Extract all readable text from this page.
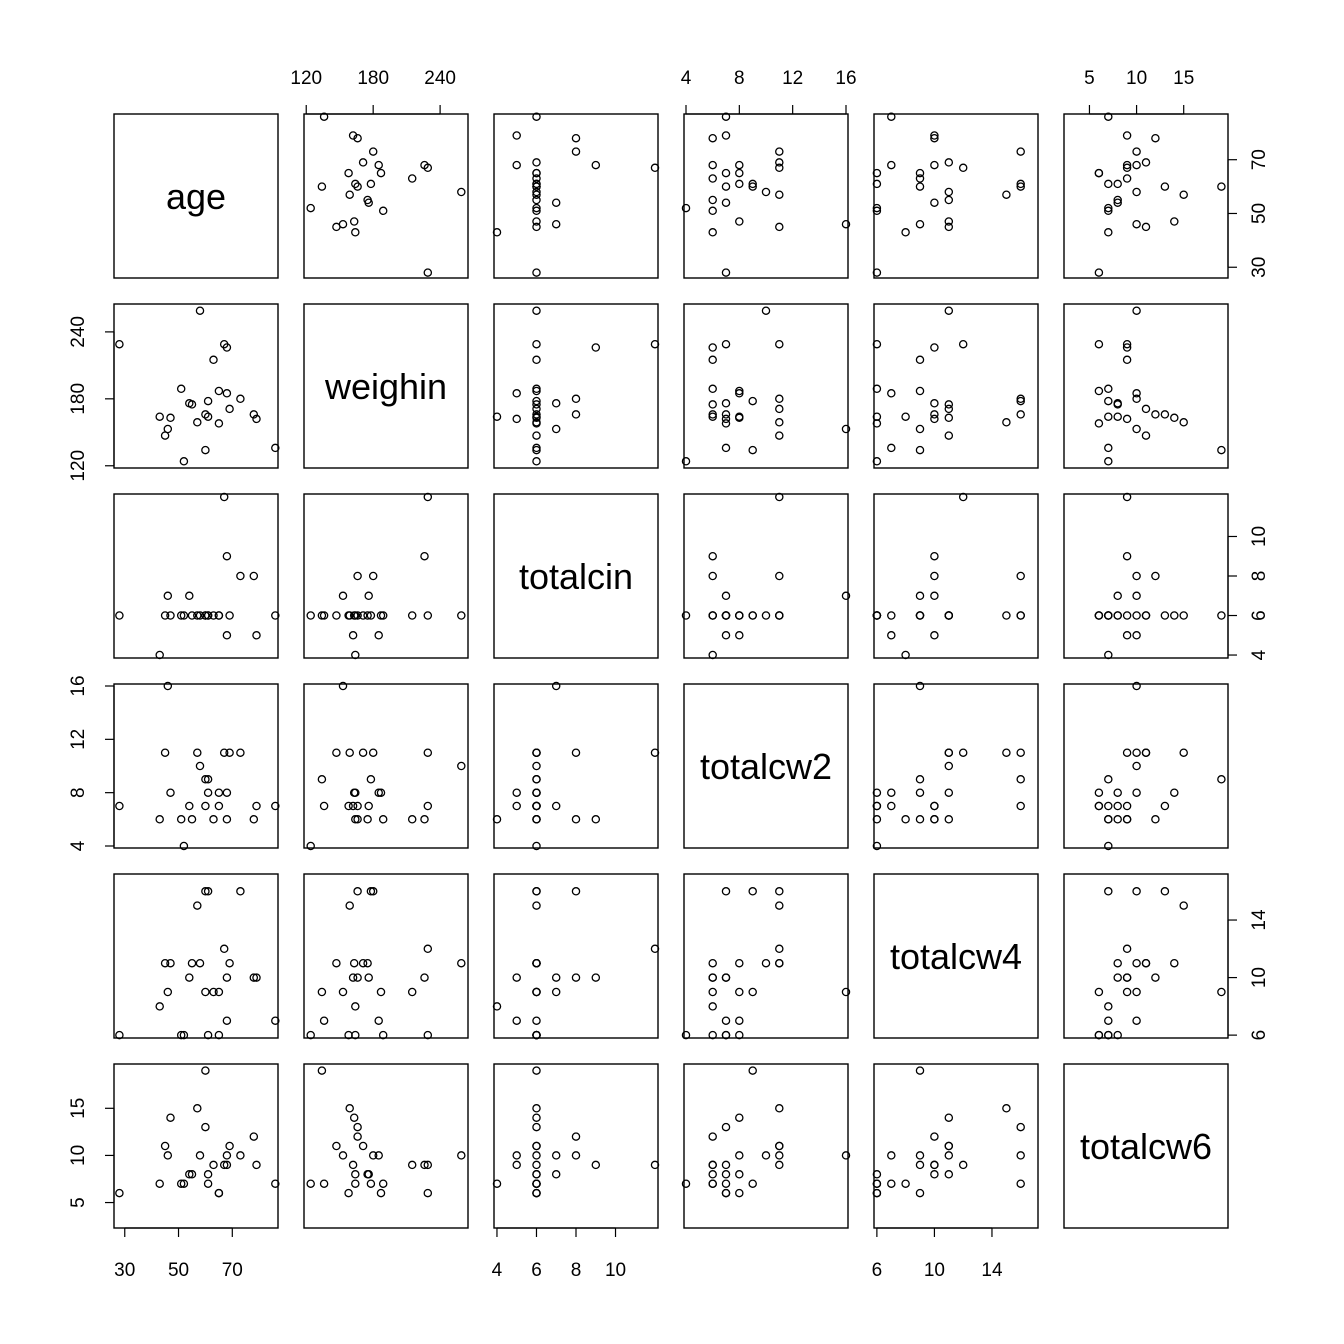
120 180 240	4 8 12 16	5 10 15
30 50 70	4 6 8 10	6 10 14
120
180
240
4
8
12
16
5
10
15
30
50
70
4
6
8
10
6
10
14
age
weighin
totalcin
totalcw2
totalcw4
totalcw6
